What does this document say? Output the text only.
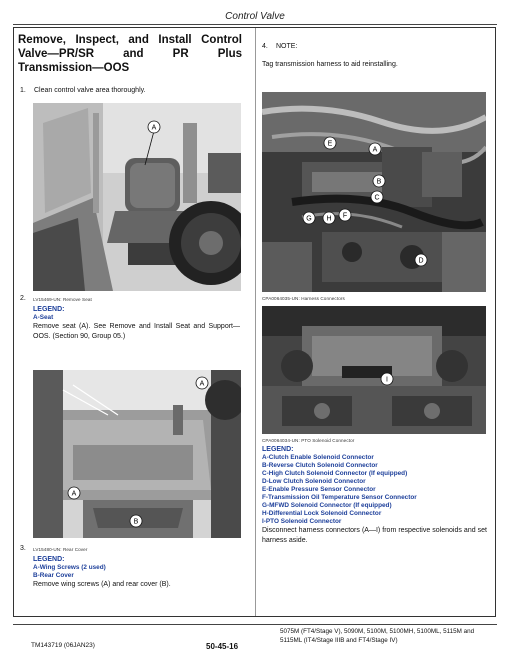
Control Valve
Remove, Inspect, and Install Control
Valve—PR/SR and PR Plus
Transmission—OOS
1. Clean control valve area thoroughly.
A
LV15469-UN: Remove Seat
2.
LEGEND:
A-Seat
Remove seat (A). See Remove and Install Seat and Support—OOS. (Section 90, Group 05.)
A
A
B
LV15480-UN: Rear Cover
3.
LEGEND:
A-Wing Screws (2 used)
B-Rear Cover
Remove wing screws (A) and rear cover (B).
4. NOTE:
Tag transmission harness to aid reinstalling.
A
B
C
D
E
F
G H
CPA0064035-UN: Harness Connectors
I
CPA0064034-UN: PTO Solenoid Connector
LEGEND:
A-Clutch Enable Solenoid Connector
B-Reverse Clutch Solenoid Connector
C-High Clutch Solenoid Connector (If equipped)
D-Low Clutch Solenoid Connector
E-Enable Pressure Sensor Connector
F-Transmission Oil Temperature Sensor Connector
G-MFWD Solenoid Connector (If equipped)
H-Differential Lock Solenoid Connector
I-PTO Solenoid Connector
Disconnect harness connectors (A—I) from respective solenoids and set harness aside.
TM143719 (06JAN23)	50-45-16
5075M (FT4/Stage V), 5090M, 5100M, 5100MH, 5100ML, 5115M and 5115ML (IT4/Stage IIIB and FT4/Stage IV)
